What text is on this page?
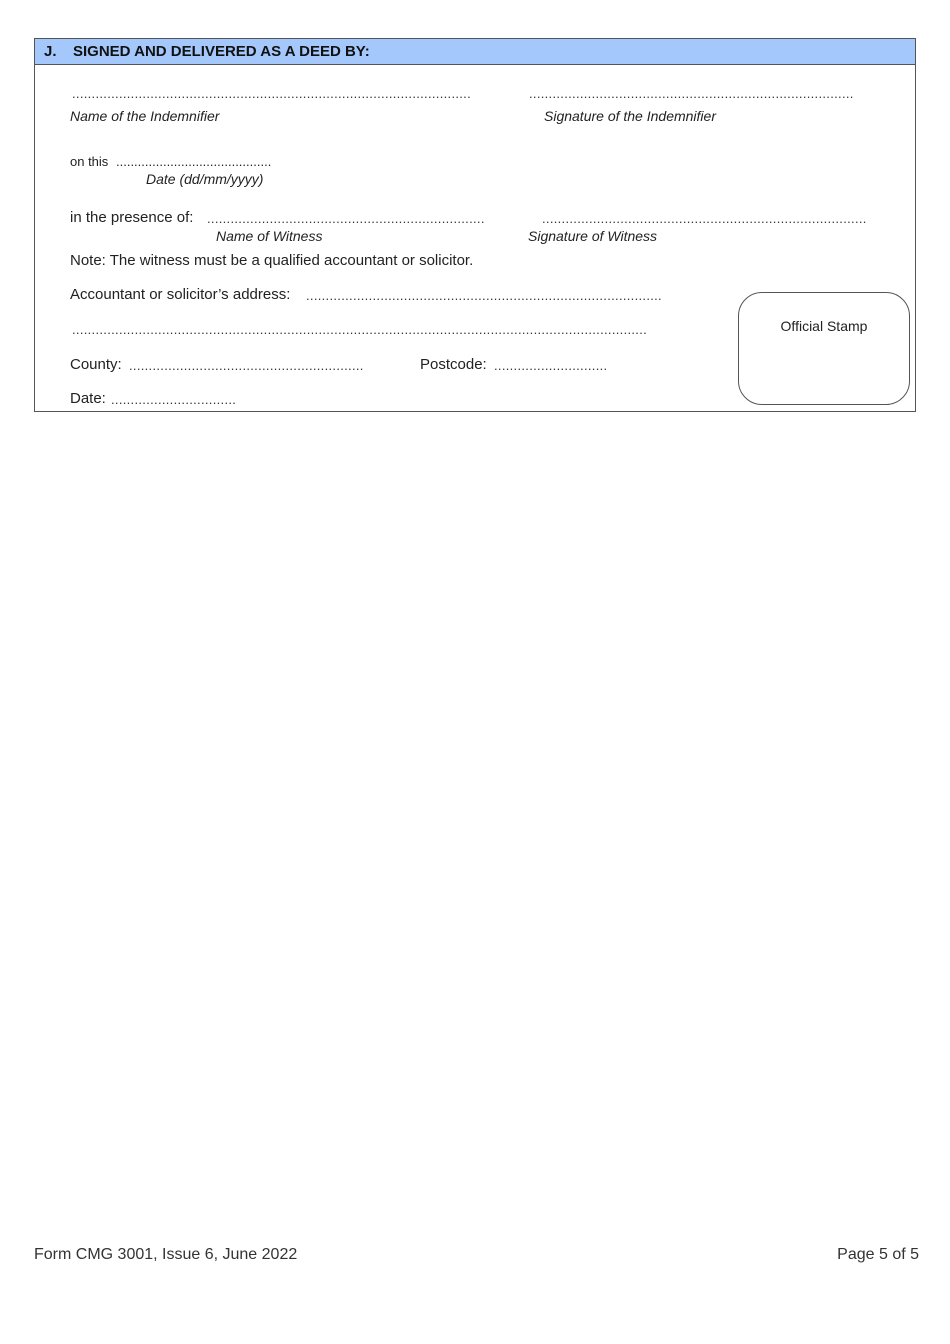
J. SIGNED AND DELIVERED AS A DEED BY:
......................................................................................................	...................................................................................
Name of the Indemnifier	Signature of the Indemnifier
on this ...........................................
Date (dd/mm/yyyy)
in the presence of: .......................................................................	...................................................................................
Name of Witness	Signature of Witness
Note: The witness must be a qualified accountant or solicitor.
Accountant or solicitor’s address: ...........................................................................................
...................................................................................................................................................
County: ............................................................	Postcode: .............................
Date: ................................
Official Stamp
Form CMG 3001, Issue 6, June 2022	Page 5 of 5
